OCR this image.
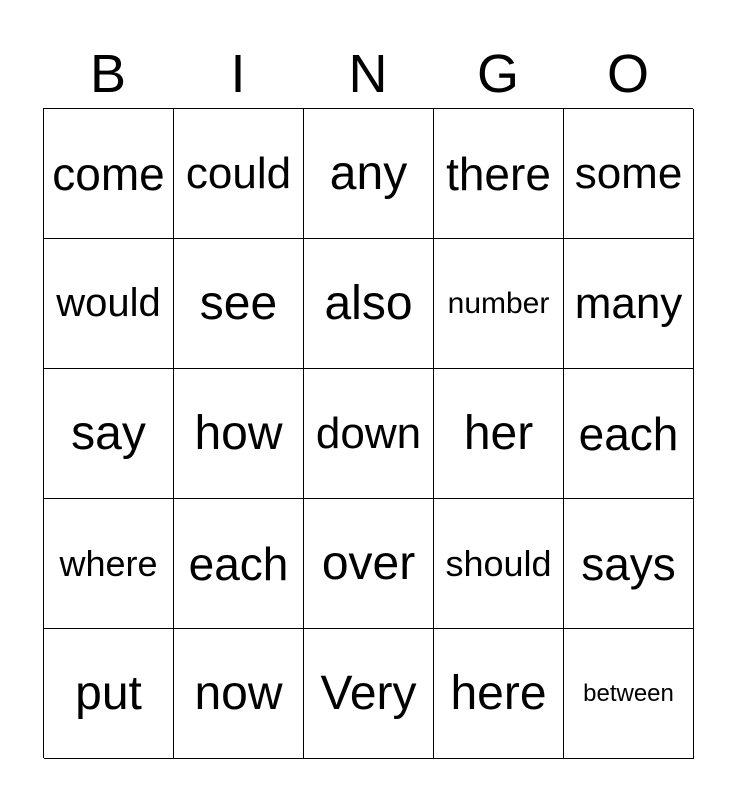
B	I	N	G	O
come could any there some
would see also	number many
say	how down her each
where each over should says
put	now Very here	between
